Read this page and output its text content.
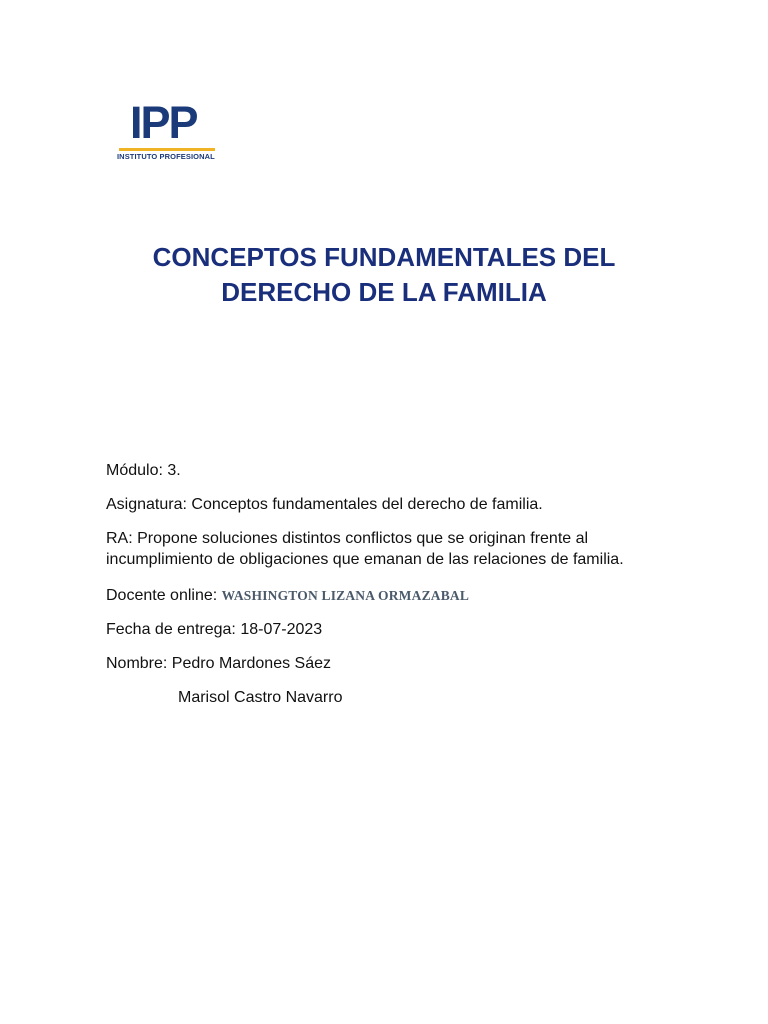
IPP
INSTITUTO PROFESIONAL
CONCEPTOS FUNDAMENTALES DEL
DERECHO DE LA FAMILIA

Módulo: 3.

Asignatura: Conceptos fundamentales del derecho de familia.

RA: Propone soluciones distintos conflictos que se originan frente al incumplimiento de obligaciones que emanan de las relaciones de familia.

Docente online: WASHINGTON LIZANA ORMAZABAL

Fecha de entrega: 18-07-2023

Nombre: Pedro Mardones Sáez

Marisol Castro Navarro
